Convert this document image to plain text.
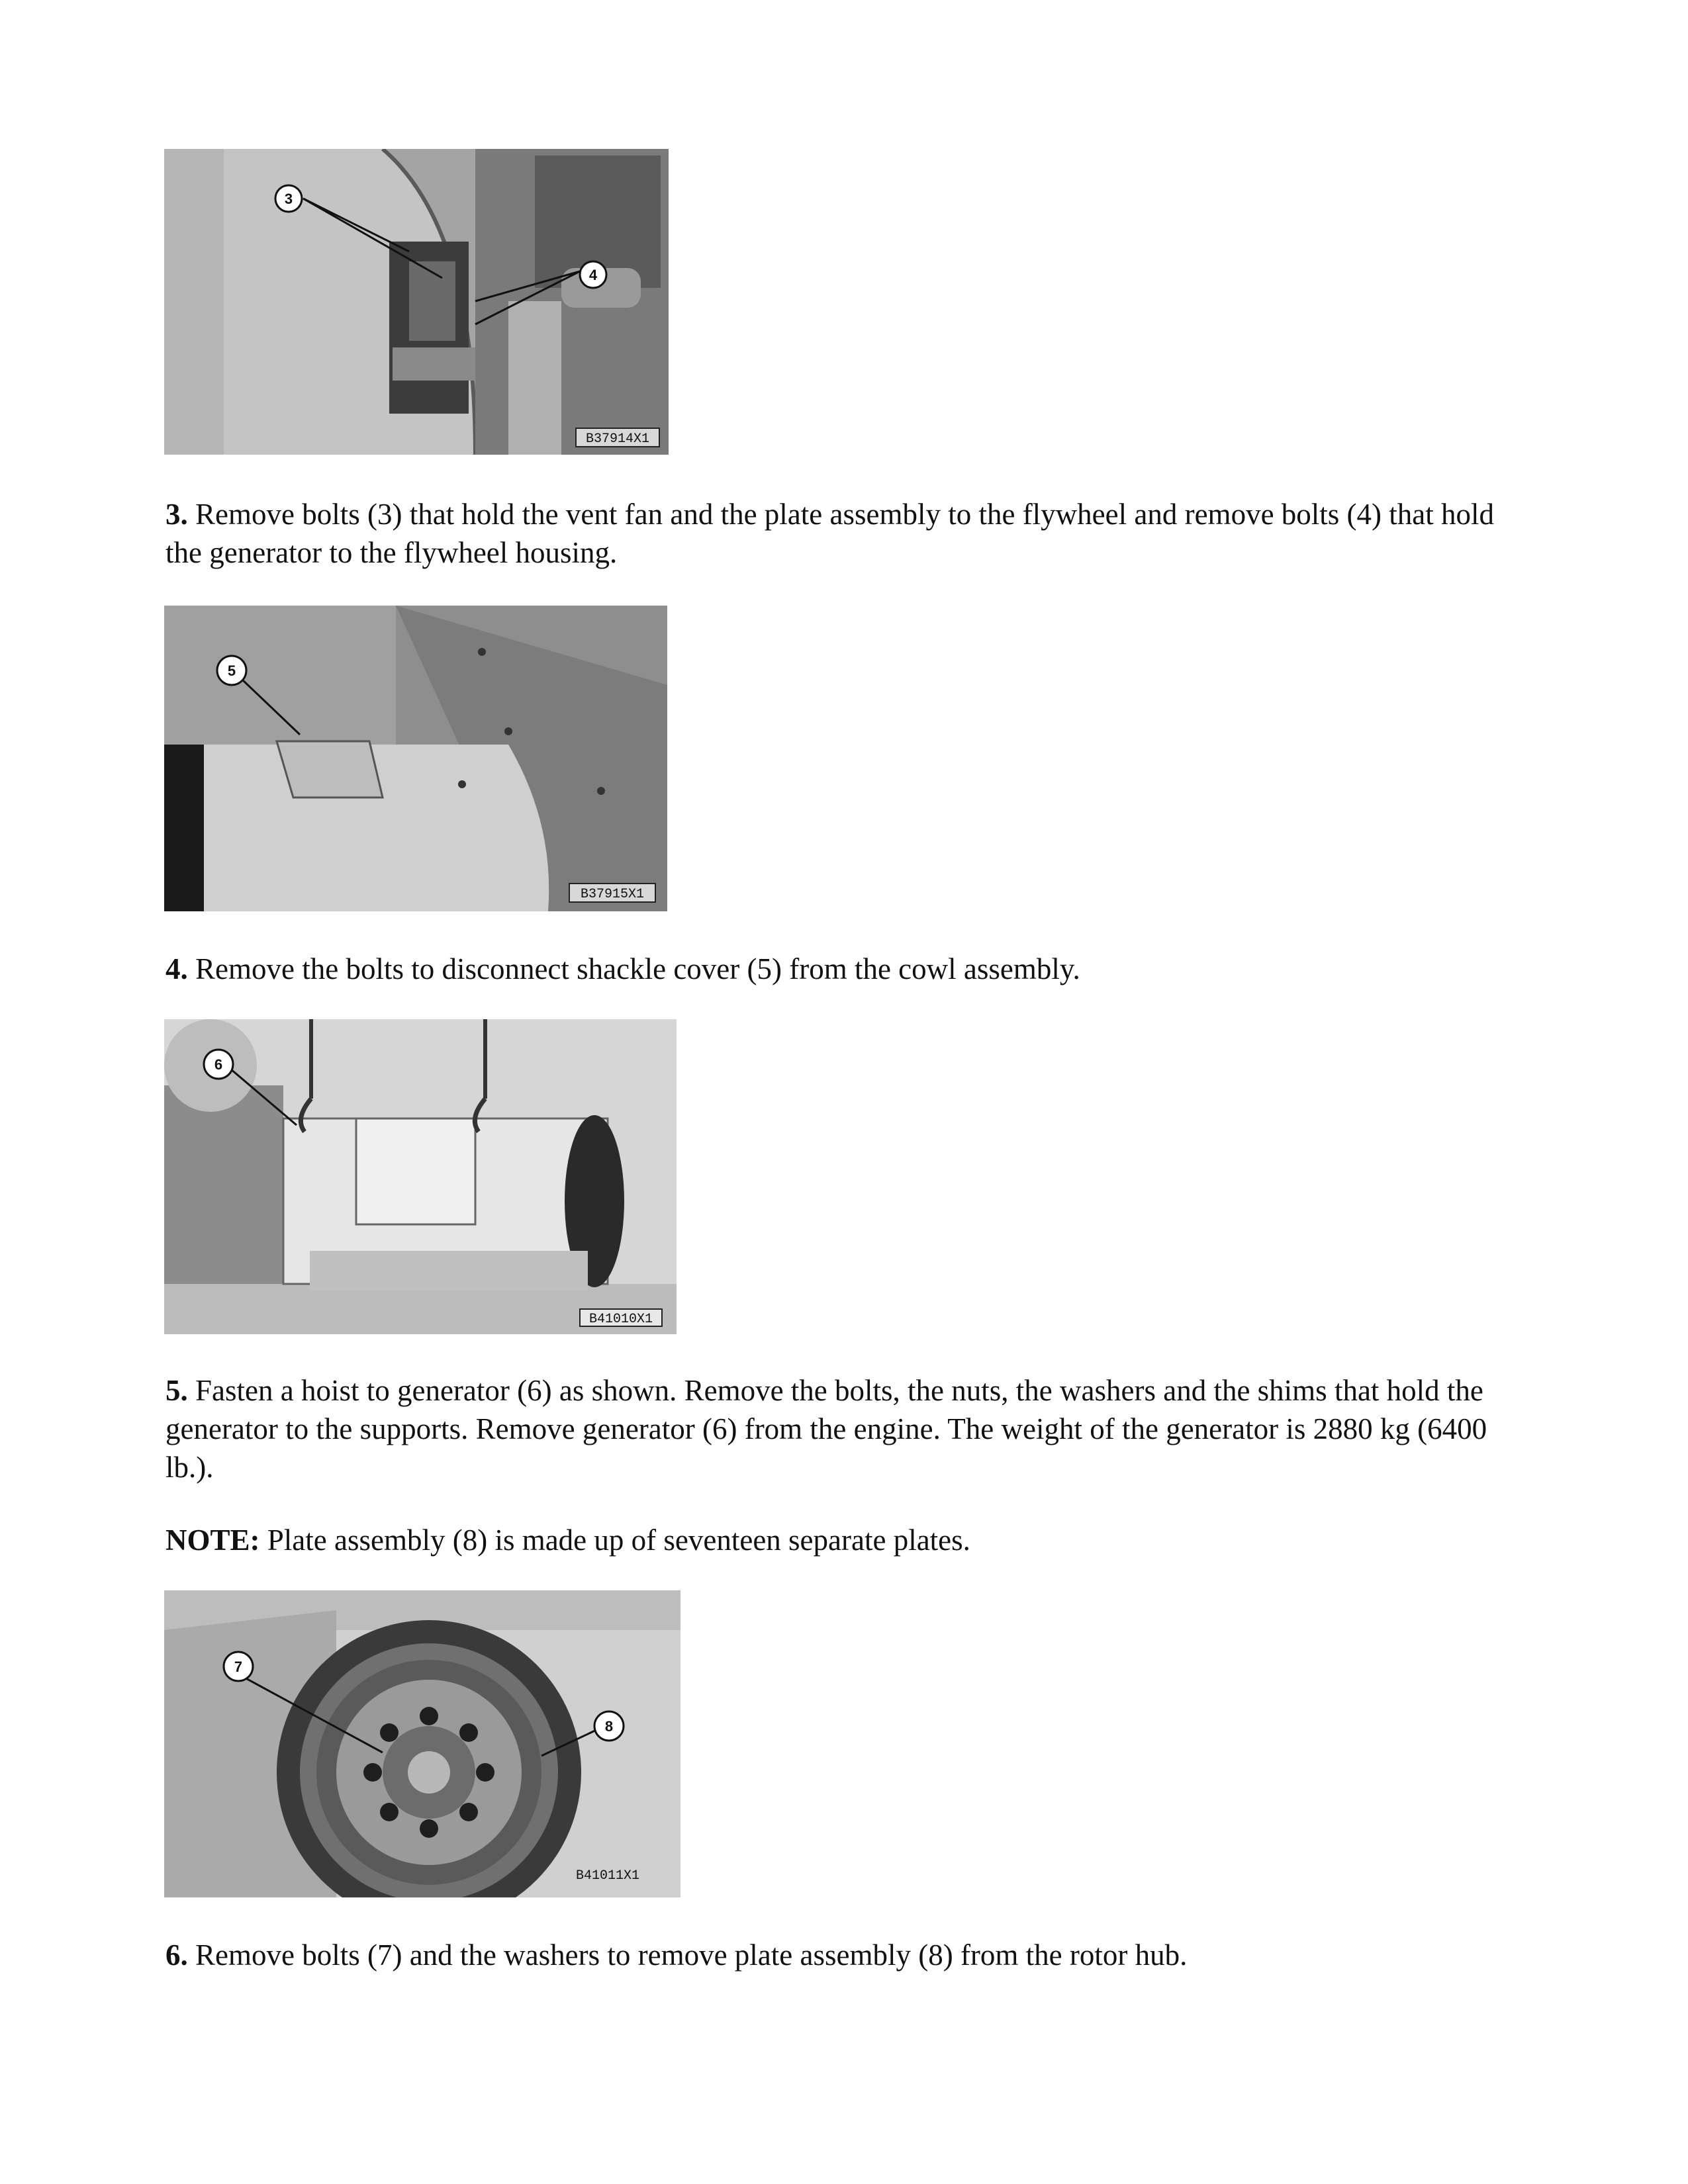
3
4
B37914X1

3. Remove bolts (3) that hold the vent fan and the plate assembly to the flywheel and remove bolts (4) that hold the generator to the flywheel housing.

5
B37915X1

4. Remove the bolts to disconnect shackle cover (5) from the cowl assembly.

6
B41010X1

5. Fasten a hoist to generator (6) as shown. Remove the bolts, the nuts, the washers and the shims that hold the generator to the supports. Remove generator (6) from the engine. The weight of the generator is 2880 kg (6400 lb.).

NOTE: Plate assembly (8) is made up of seventeen separate plates.

7
8
B41011X1

6. Remove bolts (7) and the washers to remove plate assembly (8) from the rotor hub.
